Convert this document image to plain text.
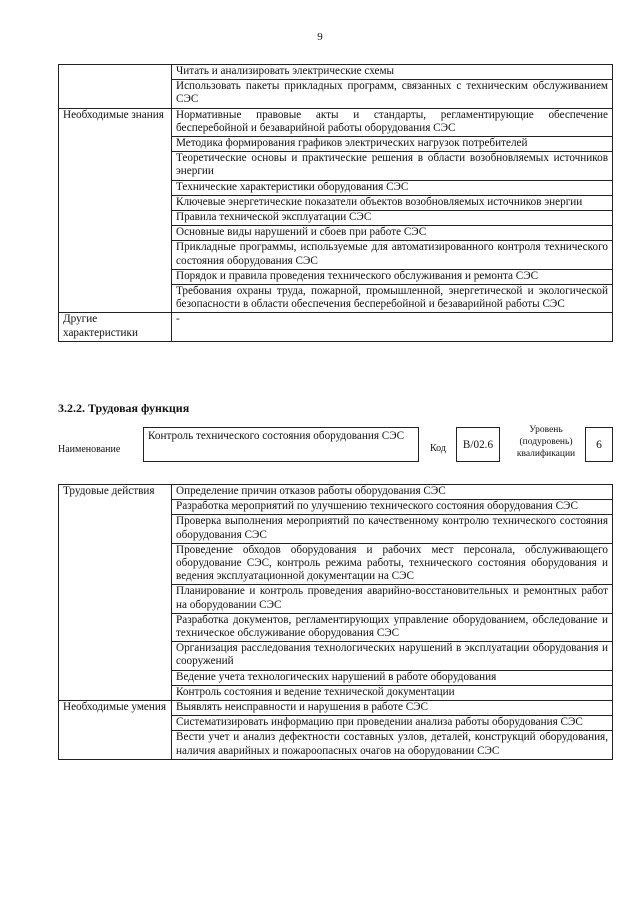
9
	Читать и анализировать электрические схемы
	Использовать пакеты прикладных программ, связанных с техническим обслуживанием СЭС
Необходимые знания	Нормативные правовые акты и стандарты, регламентирующие обеспечение бесперебойной и безаварийной работы оборудования СЭС
	Методика формирования графиков электрических нагрузок потребителей
	Теоретические основы и практические решения в области возобновляемых источников энергии
	Технические характеристики оборудования СЭС
	Ключевые энергетические показатели объектов возобновляемых источников энергии
	Правила технической эксплуатации СЭС
	Основные виды нарушений и сбоев при работе СЭС
	Прикладные программы, используемые для автоматизированного контроля технического состояния оборудования СЭС
	Порядок и правила проведения технического обслуживания и ремонта СЭС
	Требования охраны труда, пожарной, промышленной, энергетической и экологической безопасности в области обеспечения бесперебойной и безаварийной работы СЭС
Другие характеристики	-
3.2.2. Трудовая функция
Наименование
Контроль технического состояния оборудования СЭС
Код	B/02.6
Уровень (подуровень) квалификации
6
Трудовые действия	Определение причин отказов работы оборудования СЭС
	Разработка мероприятий по улучшению технического состояния оборудования СЭС
	Проверка выполнения мероприятий по качественному контролю технического состояния оборудования СЭС
	Проведение обходов оборудования и рабочих мест персонала, обслуживающего оборудование СЭС, контроль режима работы, технического состояния оборудования и ведения эксплуатационной документации на СЭС
	Планирование и контроль проведения аварийно-восстановительных и ремонтных работ на оборудовании СЭС
	Разработка документов, регламентирующих управление оборудованием, обследование и техническое обслуживание оборудования СЭС
	Организация расследования технологических нарушений в эксплуатации оборудования и сооружений
	Ведение учета технологических нарушений в работе оборудования
	Контроль состояния и ведение технической документации
Необходимые умения	Выявлять неисправности и нарушения в работе СЭС
	Систематизировать информацию при проведении анализа работы оборудования СЭС
	Вести учет и анализ дефектности составных узлов, деталей, конструкций оборудования, наличия аварийных и пожароопасных очагов на оборудовании СЭС
